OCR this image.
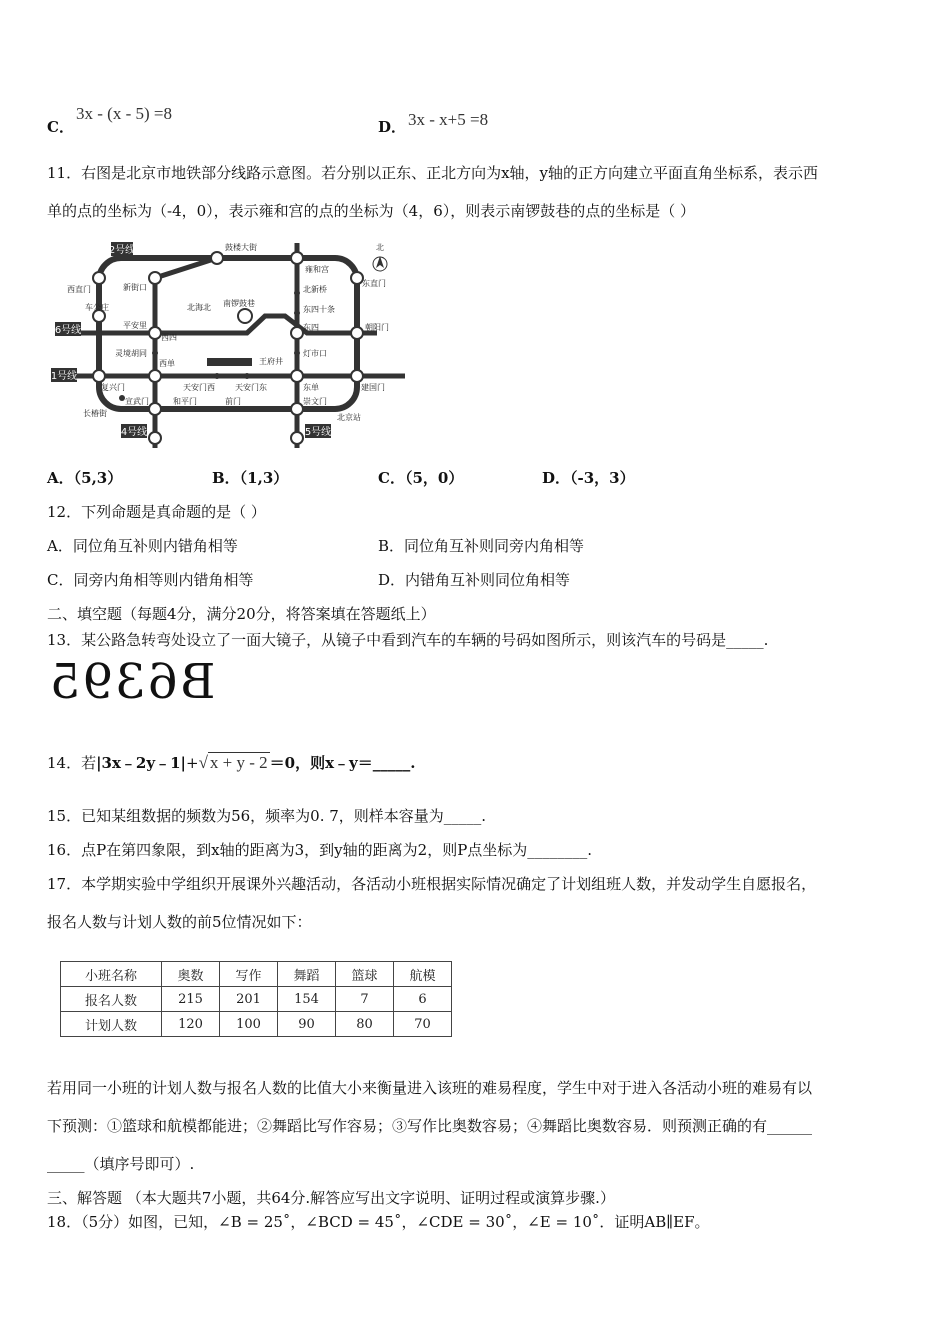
C．
3x - (x - 5) =8
D． 3x - x+5 =8
11．右图是北京市地铁部分线路示意图。若分别以正东、正北方向为x轴，y轴的正方向建立平面直角坐标系，表示西
单的点的坐标为（-4，0），表示雍和宫的点的坐标为（4，6），则表示南锣鼓巷的点的坐标是（ ）
2号线
6号线
1号线
4号线	5号线
北
鼓楼大街
雍和宫
西直门	新街口	东直门
北新桥
车公庄	北海北 南锣鼓巷
东四十条
平安里
西四
东四	朝阳门
灵境胡同
西单	王府井
灯市口
复兴门	天安门西	天安门东	东单	建国门
宣武门	和平门	前门	崇文门
长椿街	北京站
A．（5,3）	B．（1,3）	C．（5，0）	D．（-3，3）
12．下列命题是真命题的是（ ）
A．同位角互补则内错角相等	B．同位角互补则同旁内角相等
C．同旁内角相等则内错角相等	D．内错角互补则同位角相等
二、填空题（每题4分，满分20分，将答案填在答题纸上）
13．某公路急转弯处设立了一面大镜子，从镜子中看到汽车的车辆的号码如图所示，则该汽车的号码是_____.
B6395
14．若|3x﹣2y﹣1|+√ x + y - 2 ＝0，则x﹣y＝_____.
15．已知某组数据的频数为56，频率为0. 7，则样本容量为_____.
16．点P在第四象限，到x轴的距离为3，到y轴的距离为2，则P点坐标为________.
17．本学期实验中学组织开展课外兴趣活动，各活动小班根据实际情况确定了计划组班人数，并发动学生自愿报名，
报名人数与计划人数的前5位情况如下：
小班名称	奥数	写作	舞蹈	篮球	航模
报名人数	215	201	154	7	6
计划人数	120	100	90	80	70
若用同一小班的计划人数与报名人数的比值大小来衡量进入该班的难易程度，学生中对于进入各活动小班的难易有以
下预测：①篮球和航模都能进；②舞蹈比写作容易；③写作比奥数容易；④舞蹈比奥数容易．则预测正确的有______
_____（填序号即可）.
三、解答题 （本大题共7小题，共64分.解答应写出文字说明、证明过程或演算步骤.）
18．（5分）如图，已知，∠B = 25˚，∠BCD = 45˚，∠CDE = 30˚，∠E = 10˚．证明AB∥EF。
